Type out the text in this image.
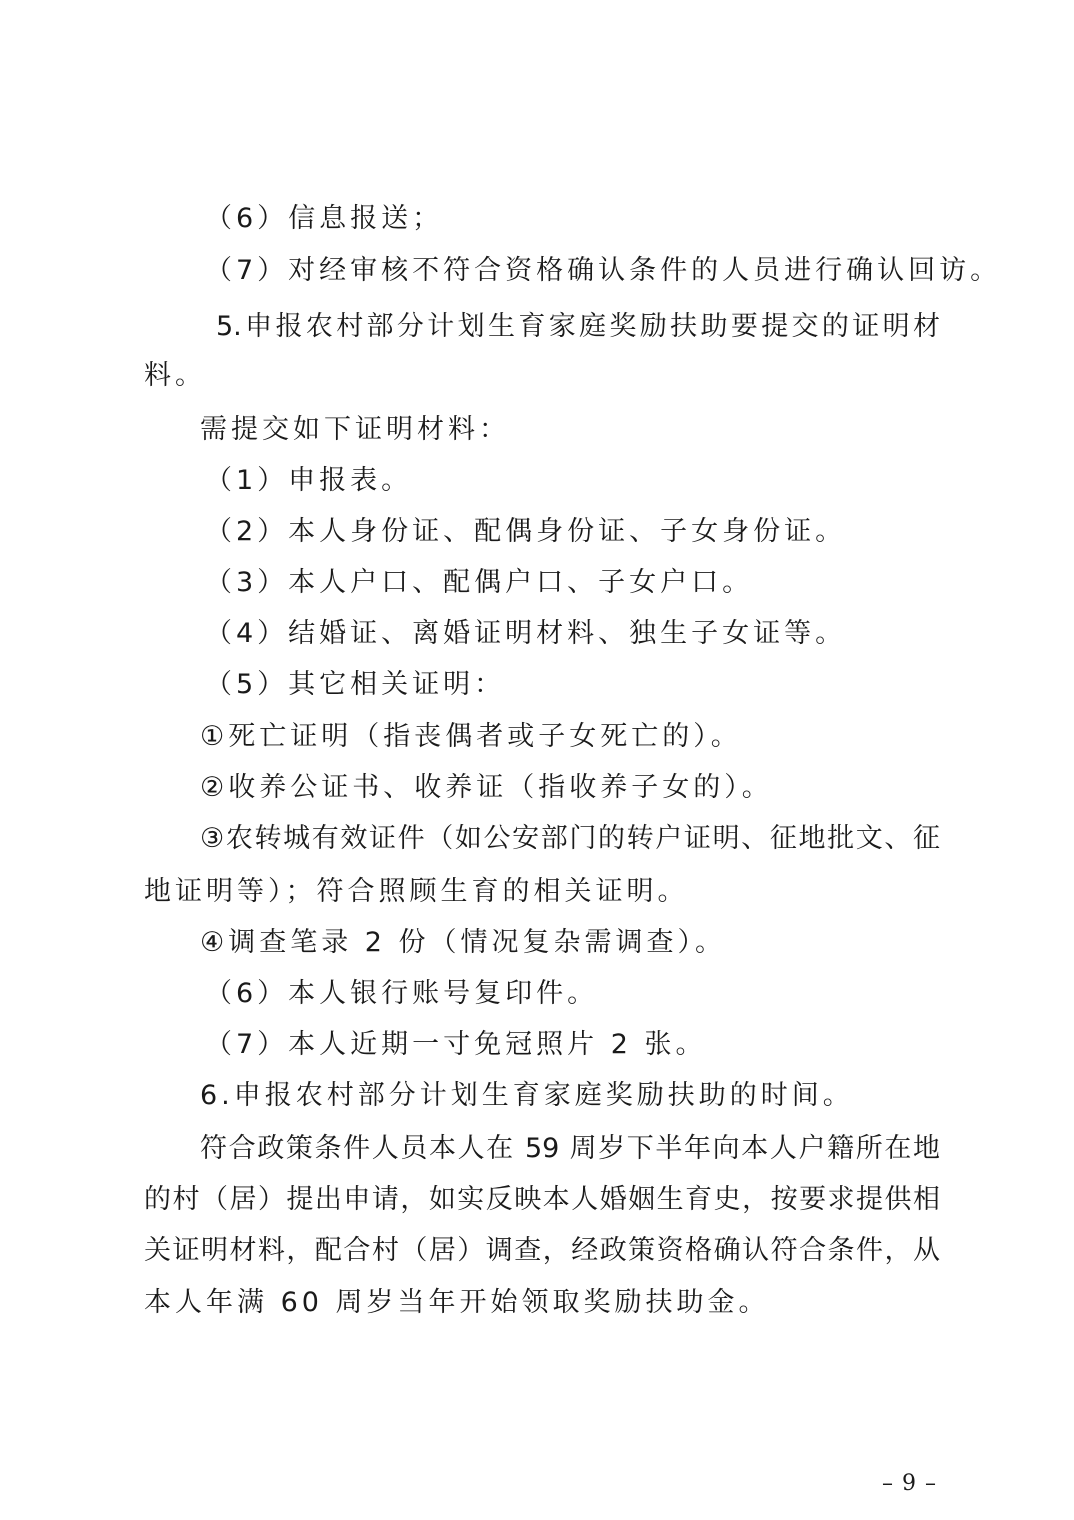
（6）信息报送；
（7）对经审核不符合资格确认条件的人员进行确认回访。
5.申报农村部分计划生育家庭奖励扶助要提交的证明材
料。
需提交如下证明材料：
（1）申报表。
（2）本人身份证、配偶身份证、子女身份证。
（3）本人户口、配偶户口、子女户口。
（4）结婚证、离婚证明材料、独生子女证等。
（5）其它相关证明：
①死亡证明（指丧偶者或子女死亡的）。
②收养公证书、收养证（指收养子女的）。
③农转城有效证件（如公安部门的转户证明、征地批文、征
地证明等）；符合照顾生育的相关证明。
④调查笔录 2 份（情况复杂需调查）。
（6）本人银行账号复印件。
（7）本人近期一寸免冠照片 2 张。
6.申报农村部分计划生育家庭奖励扶助的时间。
符合政策条件人员本人在 59 周岁下半年向本人户籍所在地
的村（居）提出申请，如实反映本人婚姻生育史，按要求提供相
关证明材料，配合村（居）调查，经政策资格确认符合条件，从
本人年满 60 周岁当年开始领取奖励扶助金。
– 9 –
